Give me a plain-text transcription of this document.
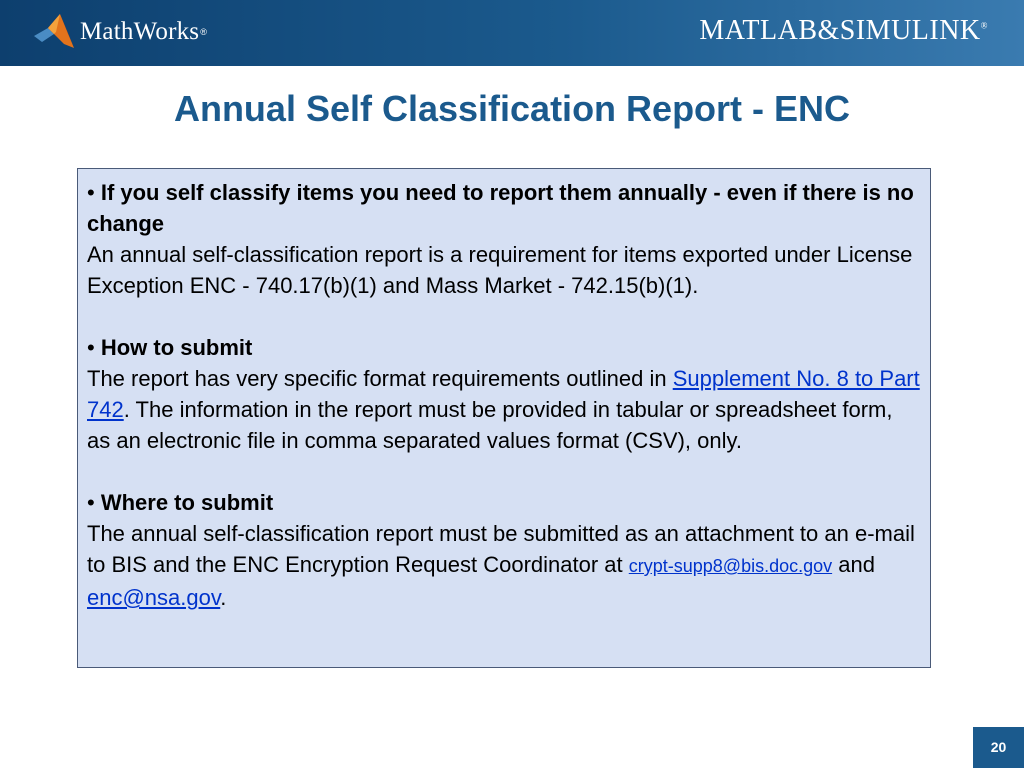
MathWorks ®	MATLAB&SIMULINK®
Annual Self Classification Report - ENC
• If you self classify items you need to report them annually - even if there is no change
An annual self-classification report is a requirement for items exported under License Exception ENC - 740.17(b)(1) and Mass Market - 742.15(b)(1).
• How to submit
The report has very specific format requirements outlined in Supplement No. 8 to Part 742. The information in the report must be provided in tabular or spreadsheet form, as an electronic file in comma separated values format (CSV), only.
• Where to submit
The annual self-classification report must be submitted as an attachment to an e-mail to BIS and the ENC Encryption Request Coordinator at crypt-supp8@bis.doc.gov and enc@nsa.gov.
20
